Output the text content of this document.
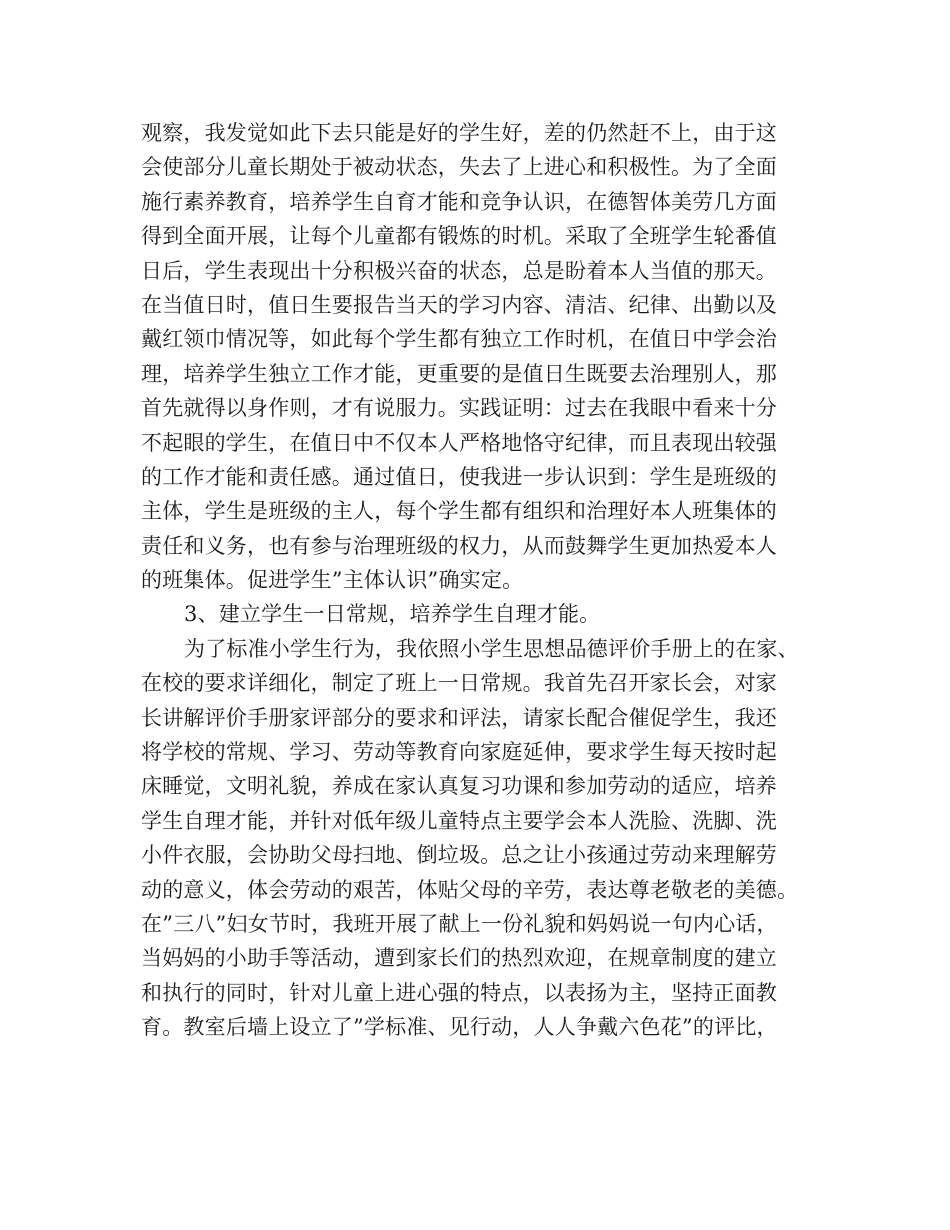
观察，我发觉如此下去只能是好的学生好，差的仍然赶不上，由于这
会使部分儿童长期处于被动状态，失去了上进心和积极性。为了全面
施行素养教育，培养学生自育才能和竞争认识，在德智体美劳几方面
得到全面开展，让每个儿童都有锻炼的时机。采取了全班学生轮番值
日后，学生表现出十分积极兴奋的状态，总是盼着本人当值的那天。
在当值日时，值日生要报告当天的学习内容、清洁、纪律、出勤以及
戴红领巾情况等，如此每个学生都有独立工作时机，在值日中学会治
理，培养学生独立工作才能，更重要的是值日生既要去治理别人，那
首先就得以身作则，才有说服力。实践证明：过去在我眼中看来十分
不起眼的学生，在值日中不仅本人严格地恪守纪律，而且表现出较强
的工作才能和责任感。通过值日，使我进一步认识到：学生是班级的
主体，学生是班级的主人，每个学生都有组织和治理好本人班集体的
责任和义务，也有参与治理班级的权力，从而鼓舞学生更加热爱本人
的班集体。促进学生”主体认识”确实定。
3、建立学生一日常规，培养学生自理才能。
为了标准小学生行为，我依照小学生思想品德评价手册上的在家、
在校的要求详细化，制定了班上一日常规。我首先召开家长会，对家
长讲解评价手册家评部分的要求和评法，请家长配合催促学生，我还
将学校的常规、学习、劳动等教育向家庭延伸，要求学生每天按时起
床睡觉，文明礼貌，养成在家认真复习功课和参加劳动的适应，培养
学生自理才能，并针对低年级儿童特点主要学会本人洗脸、洗脚、洗
小件衣服，会协助父母扫地、倒垃圾。总之让小孩通过劳动来理解劳
动的意义，体会劳动的艰苦，体贴父母的辛劳，表达尊老敬老的美德。
在”三八”妇女节时，我班开展了献上一份礼貌和妈妈说一句内心话，
当妈妈的小助手等活动，遭到家长们的热烈欢迎，在规章制度的建立
和执行的同时，针对儿童上进心强的特点，以表扬为主，坚持正面教
育。教室后墙上设立了”学标准、见行动，人人争戴六色花”的评比，
